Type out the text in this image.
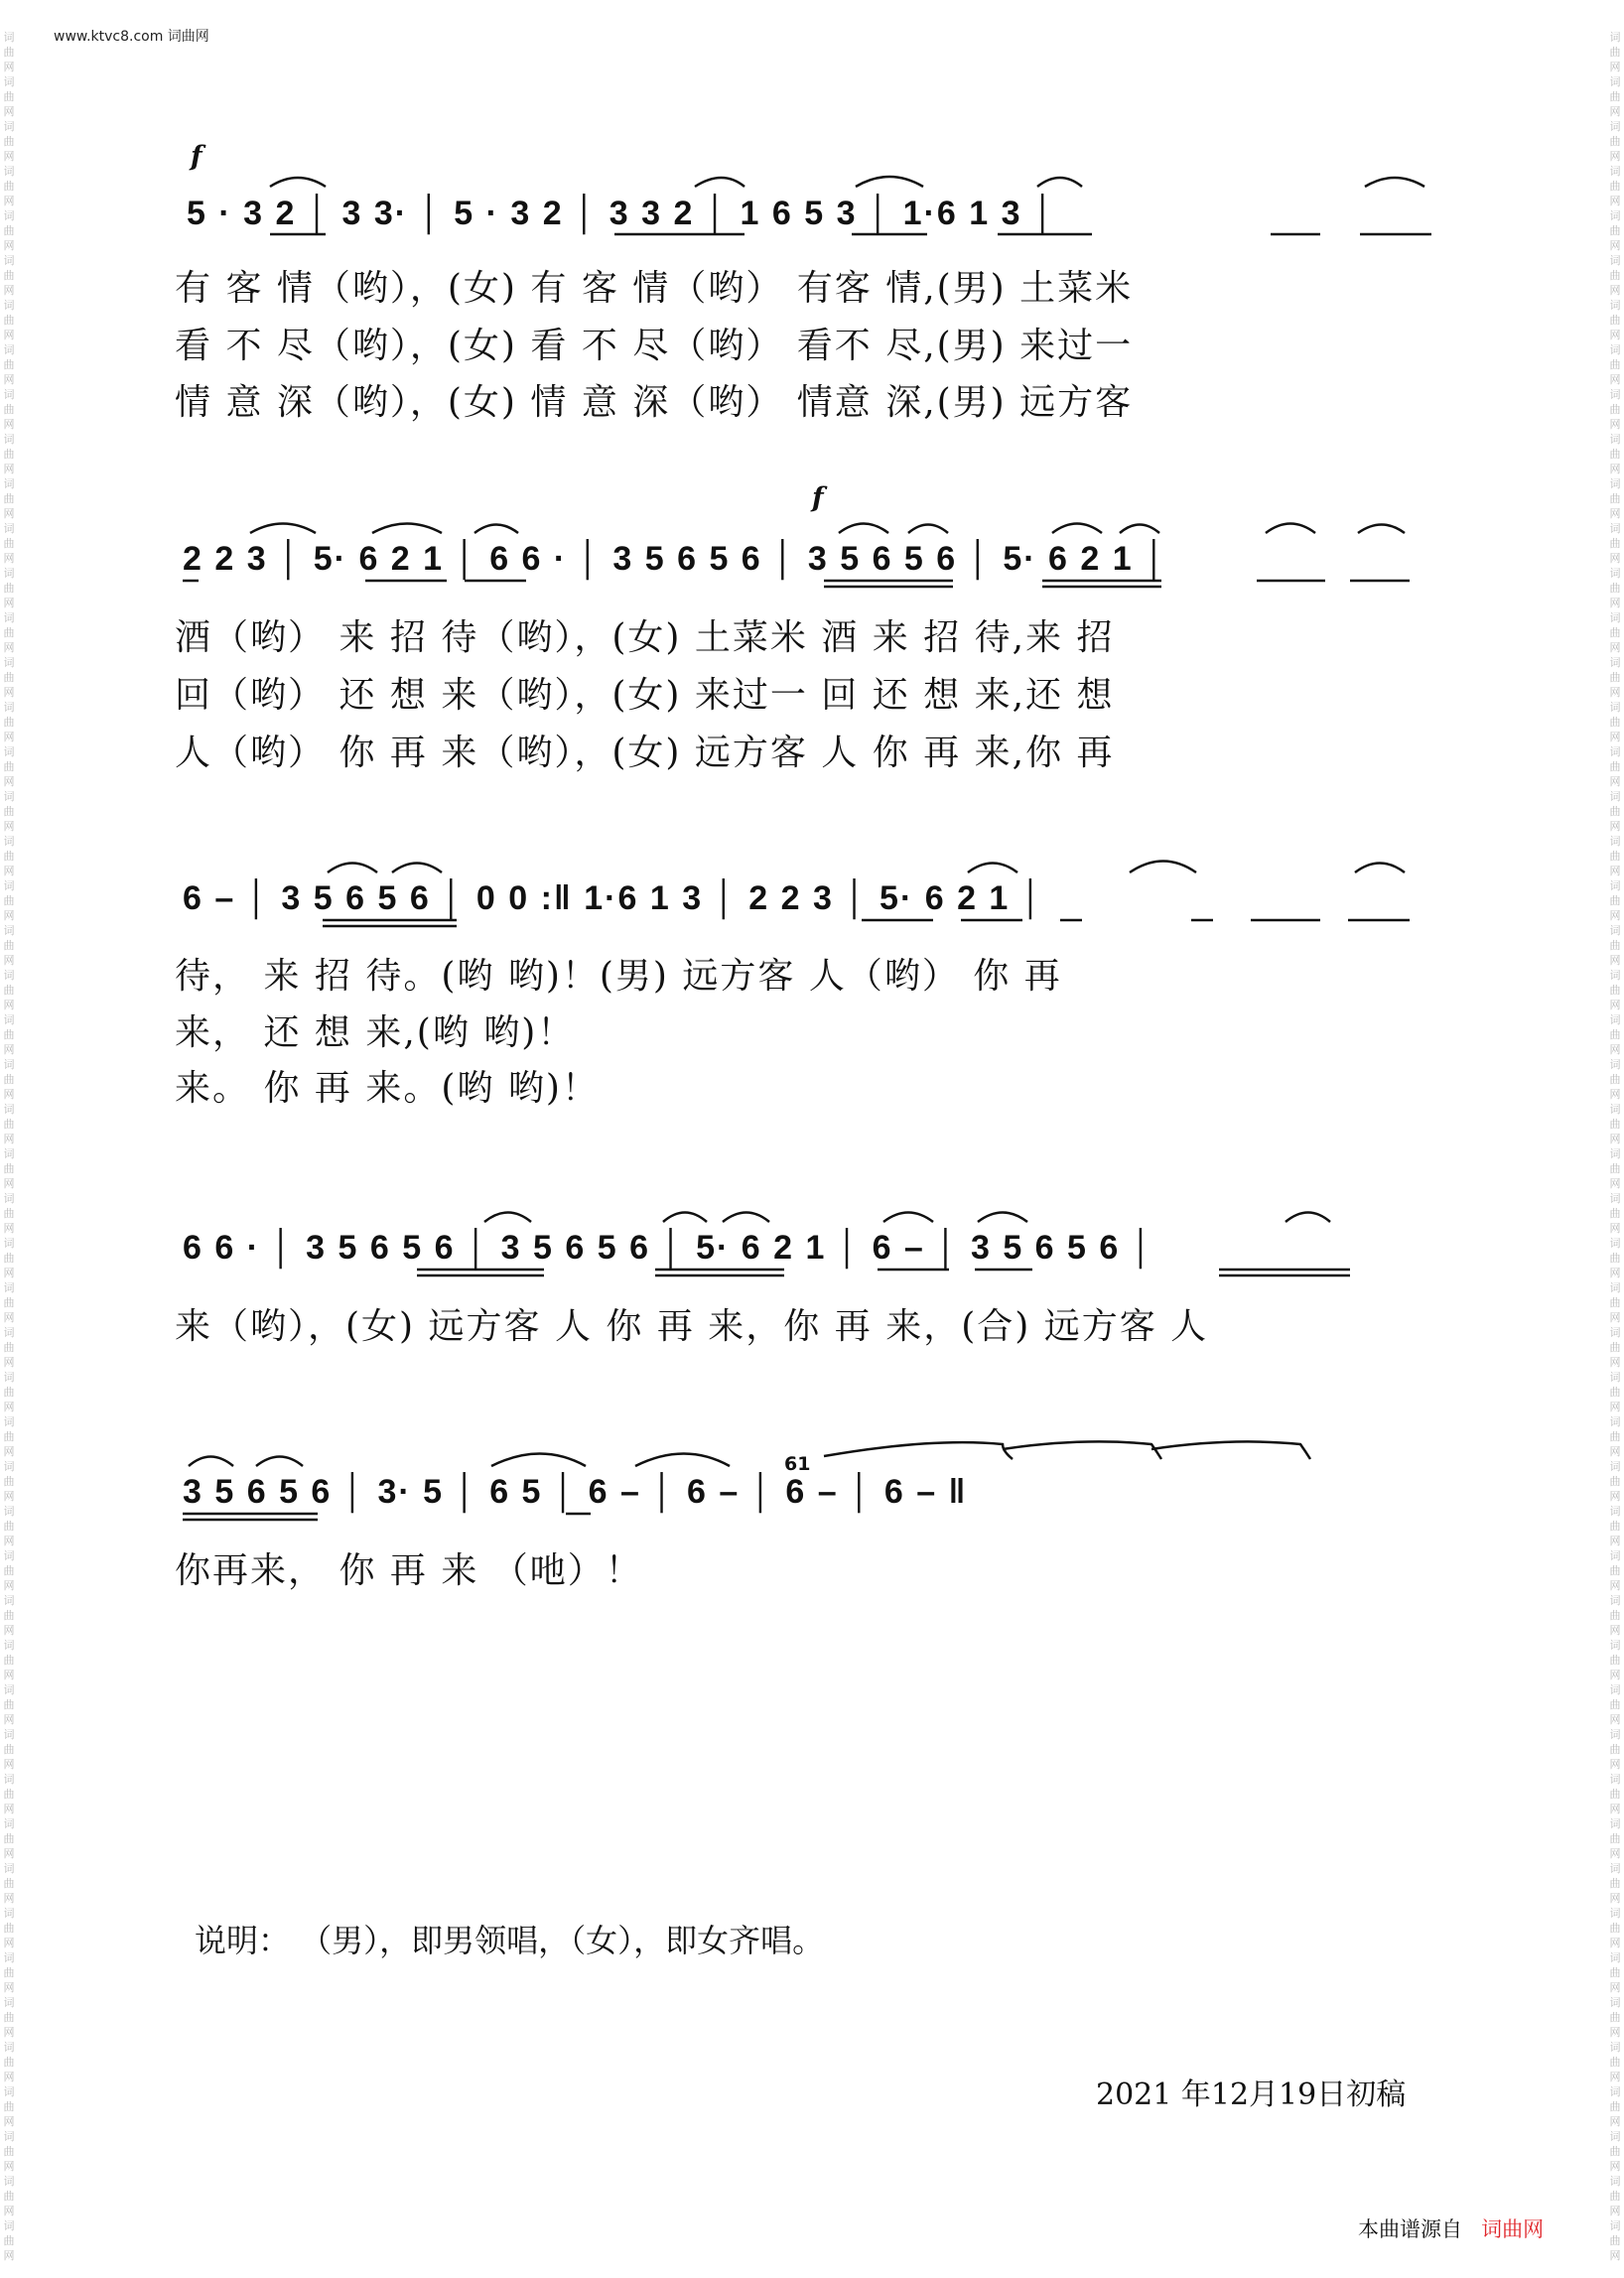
www.ktvc8.com 词曲网
词曲网词曲网词曲网词曲网词曲网词曲网词曲网词曲网词曲网词曲网词曲网词曲网词曲网词曲网词曲网词曲网词曲网词曲网词曲网词曲网词曲网词曲网词曲网词曲网词曲网词曲网词曲网词曲网词曲网词曲网词曲网词曲网词曲网词曲网词曲网词曲网词曲网词曲网词曲网词曲网词曲网词曲网词曲网词曲网词曲网词曲网词曲网词曲网词曲网词曲网
词曲网词曲网词曲网词曲网词曲网词曲网词曲网词曲网词曲网词曲网词曲网词曲网词曲网词曲网词曲网词曲网词曲网词曲网词曲网词曲网词曲网词曲网词曲网词曲网词曲网词曲网词曲网词曲网词曲网词曲网词曲网词曲网词曲网词曲网词曲网词曲网词曲网词曲网词曲网词曲网词曲网词曲网词曲网词曲网词曲网词曲网词曲网词曲网词曲网词曲网
f
5 · 3 2 │ 3 3· │ 5 · 3 2 │ 3 3 2 │ 1 6 5 3 │ 1·6 1 3 │
有 客 情（哟），(女) 有 客 情（哟） 有客 情,(男) 土菜米
看 不 尽（哟），(女) 看 不 尽（哟） 看不 尽,(男) 来过一
情 意 深（哟），(女) 情 意 深（哟） 情意 深,(男) 远方客
f
2 2 3 │ 5· 6 2 1 │ 6 6 · │ 3 5 6 5 6 │ 3 5 6 5 6 │ 5· 6 2 1 │
酒（哟） 来 招 待（哟），(女) 土菜米 酒 来 招 待,来 招
回（哟） 还 想 来（哟），(女) 来过一 回 还 想 来,还 想
人（哟） 你 再 来（哟），(女) 远方客 人 你 再 来,你 再
6 – │ 3 5 6 5 6 │ 0 0 :‖ 1·6 1 3 │ 2 2 3 │ 5· 6 2 1 │
待， 来 招 待。(哟 哟)！(男) 远方客 人（哟） 你 再
来， 还 想 来,(哟 哟)！
来。 你 再 来。(哟 哟)！
6 6 · │ 3 5 6 5 6 │ 3 5 6 5 6 │ 5· 6 2 1 │ 6 – │ 3 5 6 5 6 │
来（哟），(女) 远方客 人 你 再 来，你 再 来，(合) 远方客 人
61
3 5 6 5 6 │ 3· 5 │ 6 5 │ 6 – │ 6 – │ 6 – │ 6 – ‖
你再来， 你 再 来 （吔）！
说明： （男），即男领唱，（女），即女齐唱。
2021 年12月19日初稿
本曲谱源自 词曲网
